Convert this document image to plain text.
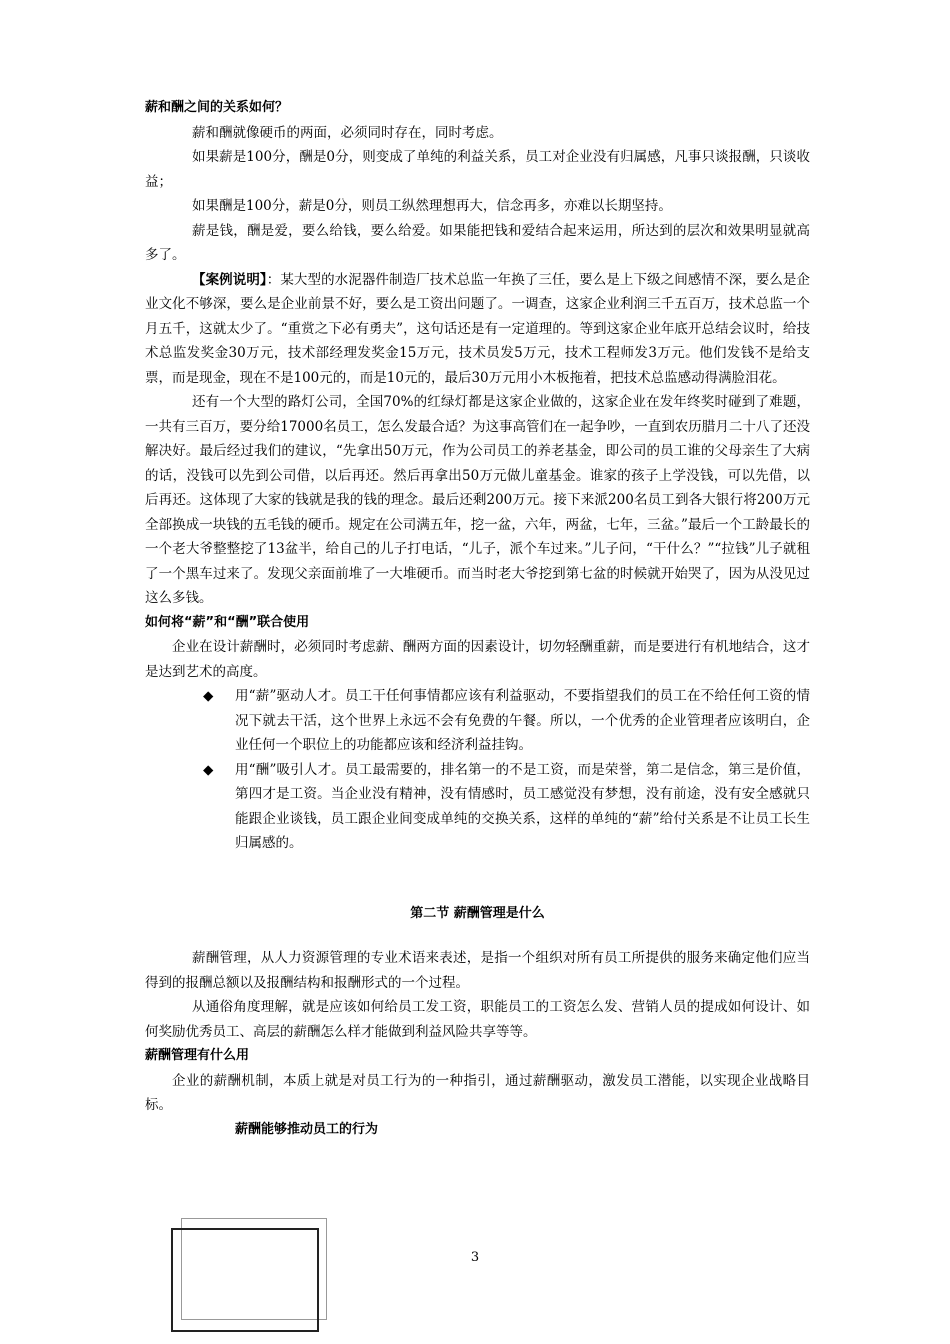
薪和酬之间的关系如何？

薪和酬就像硬币的两面，必须同时存在，同时考虑。

如果薪是100分，酬是0分，则变成了单纯的利益关系，员工对企业没有归属感，凡事只谈报酬，只谈收益；

如果酬是100分，薪是0分，则员工纵然理想再大，信念再多，亦难以长期坚持。

薪是钱，酬是爱，要么给钱，要么给爱。如果能把钱和爱结合起来运用，所达到的层次和效果明显就高多了。

【案例说明】：某大型的水泥器件制造厂技术总监一年换了三任，要么是上下级之间感情不深，要么是企业文化不够深，要么是企业前景不好，要么是工资出问题了。一调查，这家企业利润三千五百万，技术总监一个月五千，这就太少了。“重赏之下必有勇夫”，这句话还是有一定道理的。等到这家企业年底开总结会议时，给技术总监发奖金30万元，技术部经理发奖金15万元，技术员发5万元，技术工程师发3万元。他们发钱不是给支票，而是现金，现在不是100元的，而是10元的，最后30万元用小木板拖着，把技术总监感动得满脸泪花。

还有一个大型的路灯公司，全国70%的红绿灯都是这家企业做的，这家企业在发年终奖时碰到了难题，一共有三百万，要分给17000名员工，怎么发最合适？为这事高管们在一起争吵，一直到农历腊月二十八了还没解决好。最后经过我们的建议，“先拿出50万元，作为公司员工的养老基金，即公司的员工谁的父母亲生了大病的话，没钱可以先到公司借，以后再还。然后再拿出50万元做儿童基金。谁家的孩子上学没钱，可以先借，以后再还。这体现了大家的钱就是我的钱的理念。最后还剩200万元。接下来派200名员工到各大银行将200万元全部换成一块钱的五毛钱的硬币。规定在公司满五年，挖一盆，六年，两盆，七年，三盆。”最后一个工龄最长的一个老大爷整整挖了13盆半，给自己的儿子打电话，“儿子，派个车过来。”儿子问，“干什么？”“拉钱”儿子就租了一个黑车过来了。发现父亲面前堆了一大堆硬币。而当时老大爷挖到第七盆的时候就开始哭了，因为从没见过这么多钱。

如何将“薪”和“酬”联合使用

企业在设计薪酬时，必须同时考虑薪、酬两方面的因素设计，切勿轻酬重薪，而是要进行有机地结合，这才是达到艺术的高度。

◆ 用“薪”驱动人才。员工干任何事情都应该有利益驱动，不要指望我们的员工在不给任何工资的情况下就去干活，这个世界上永远不会有免费的午餐。所以，一个优秀的企业管理者应该明白，企业任何一个职位上的功能都应该和经济利益挂钩。

◆ 用“酬”吸引人才。员工最需要的，排名第一的不是工资，而是荣誉，第二是信念，第三是价值，第四才是工资。当企业没有精神，没有情感时，员工感觉没有梦想，没有前途，没有安全感就只能跟企业谈钱，员工跟企业间变成单纯的交换关系，这样的单纯的“薪”给付关系是不让员工长生归属感的。

第二节 薪酬管理是什么

薪酬管理，从人力资源管理的专业术语来表述，是指一个组织对所有员工所提供的服务来确定他们应当得到的报酬总额以及报酬结构和报酬形式的一个过程。

从通俗角度理解，就是应该如何给员工发工资，职能员工的工资怎么发、营销人员的提成如何设计、如何奖励优秀员工、高层的薪酬怎么样才能做到利益风险共享等等。

薪酬管理有什么用

企业的薪酬机制，本质上就是对员工行为的一种指引，通过薪酬驱动，激发员工潜能，以实现企业战略目标。

薪酬能够推动员工的行为

3
